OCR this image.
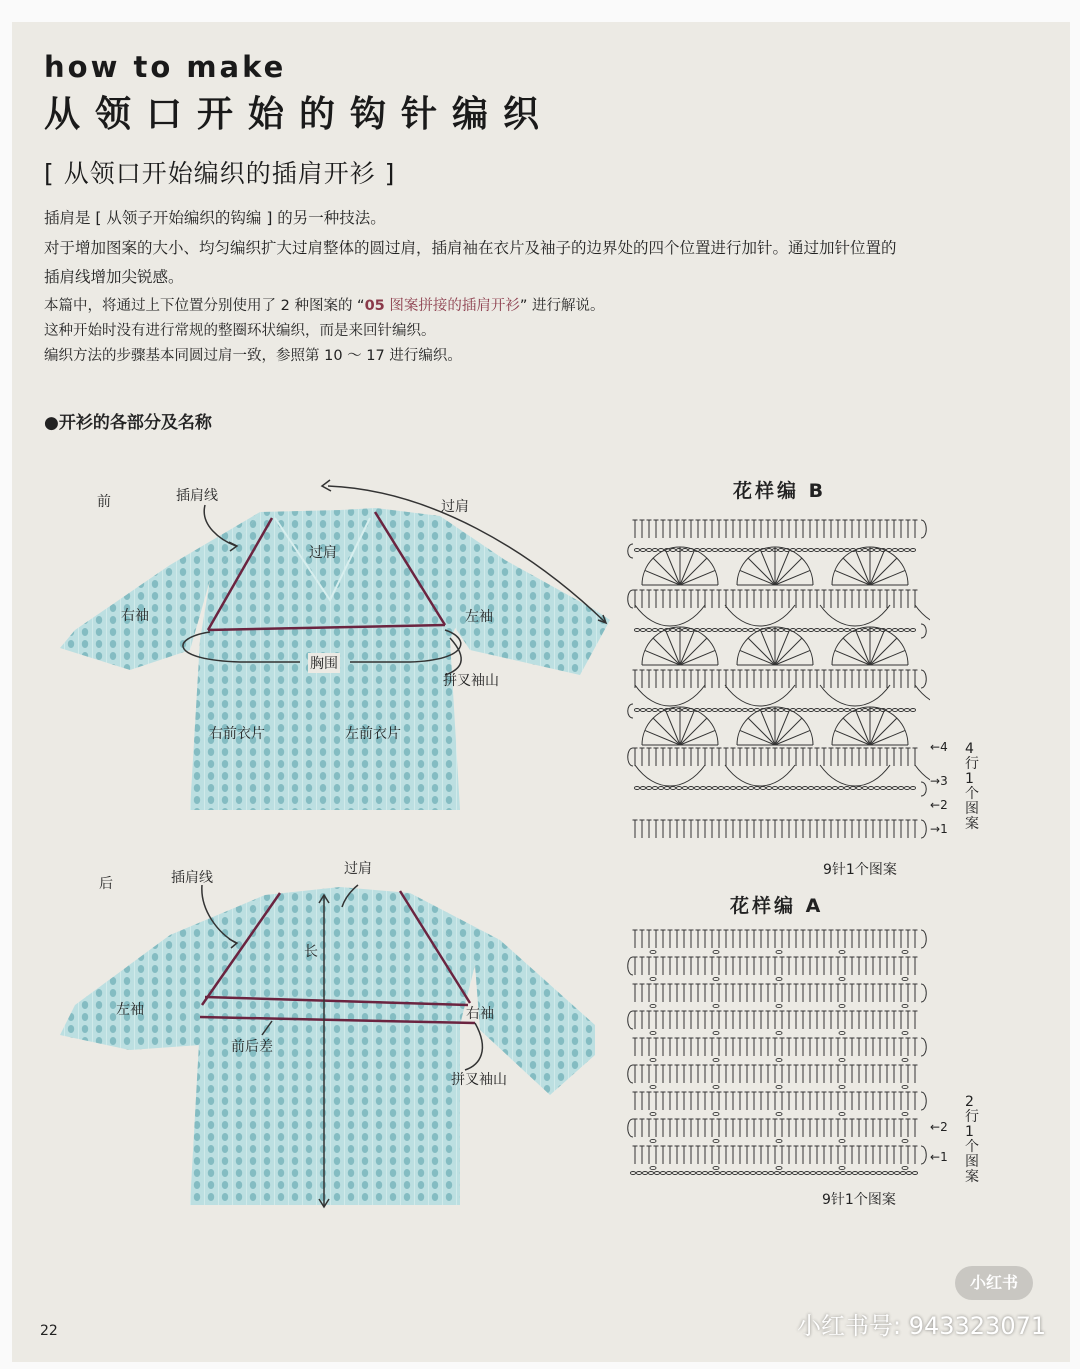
how to make
从领口开始的钩针编织
[ 从领口开始编织的插肩开衫 ]
插肩是 [ 从领子开始编织的钩编 ] 的另一种技法。
对于增加图案的大小、均匀编织扩大过肩整体的圆过肩，插肩袖在衣片及袖子的边界处的四个位置进行加针。通过加针位置的
插肩线增加尖锐感。
本篇中，将通过上下位置分别使用了 2 种图案的 “05 图案拼接的插肩开衫” 进行解说。
这种开始时没有进行常规的整圈环状编织，而是来回针编织。
编织方法的步骤基本同圆过肩一致，参照第 10 ～ 17 进行编织。
●开衫的各部分及名称
前	插肩线
过肩
过肩
右袖	左袖
胸围
拼叉袖山
右前衣片	左前衣片
后	插肩线
过肩
长
左袖	右袖
前后差
拼叉袖山
花样编 B
9针1个图案
4行1个图案
←4
→3
←2
→1
花样编 A
9针1个图案
2行1个图案
←2
←1
22
小红书
小红书号: 943323071
